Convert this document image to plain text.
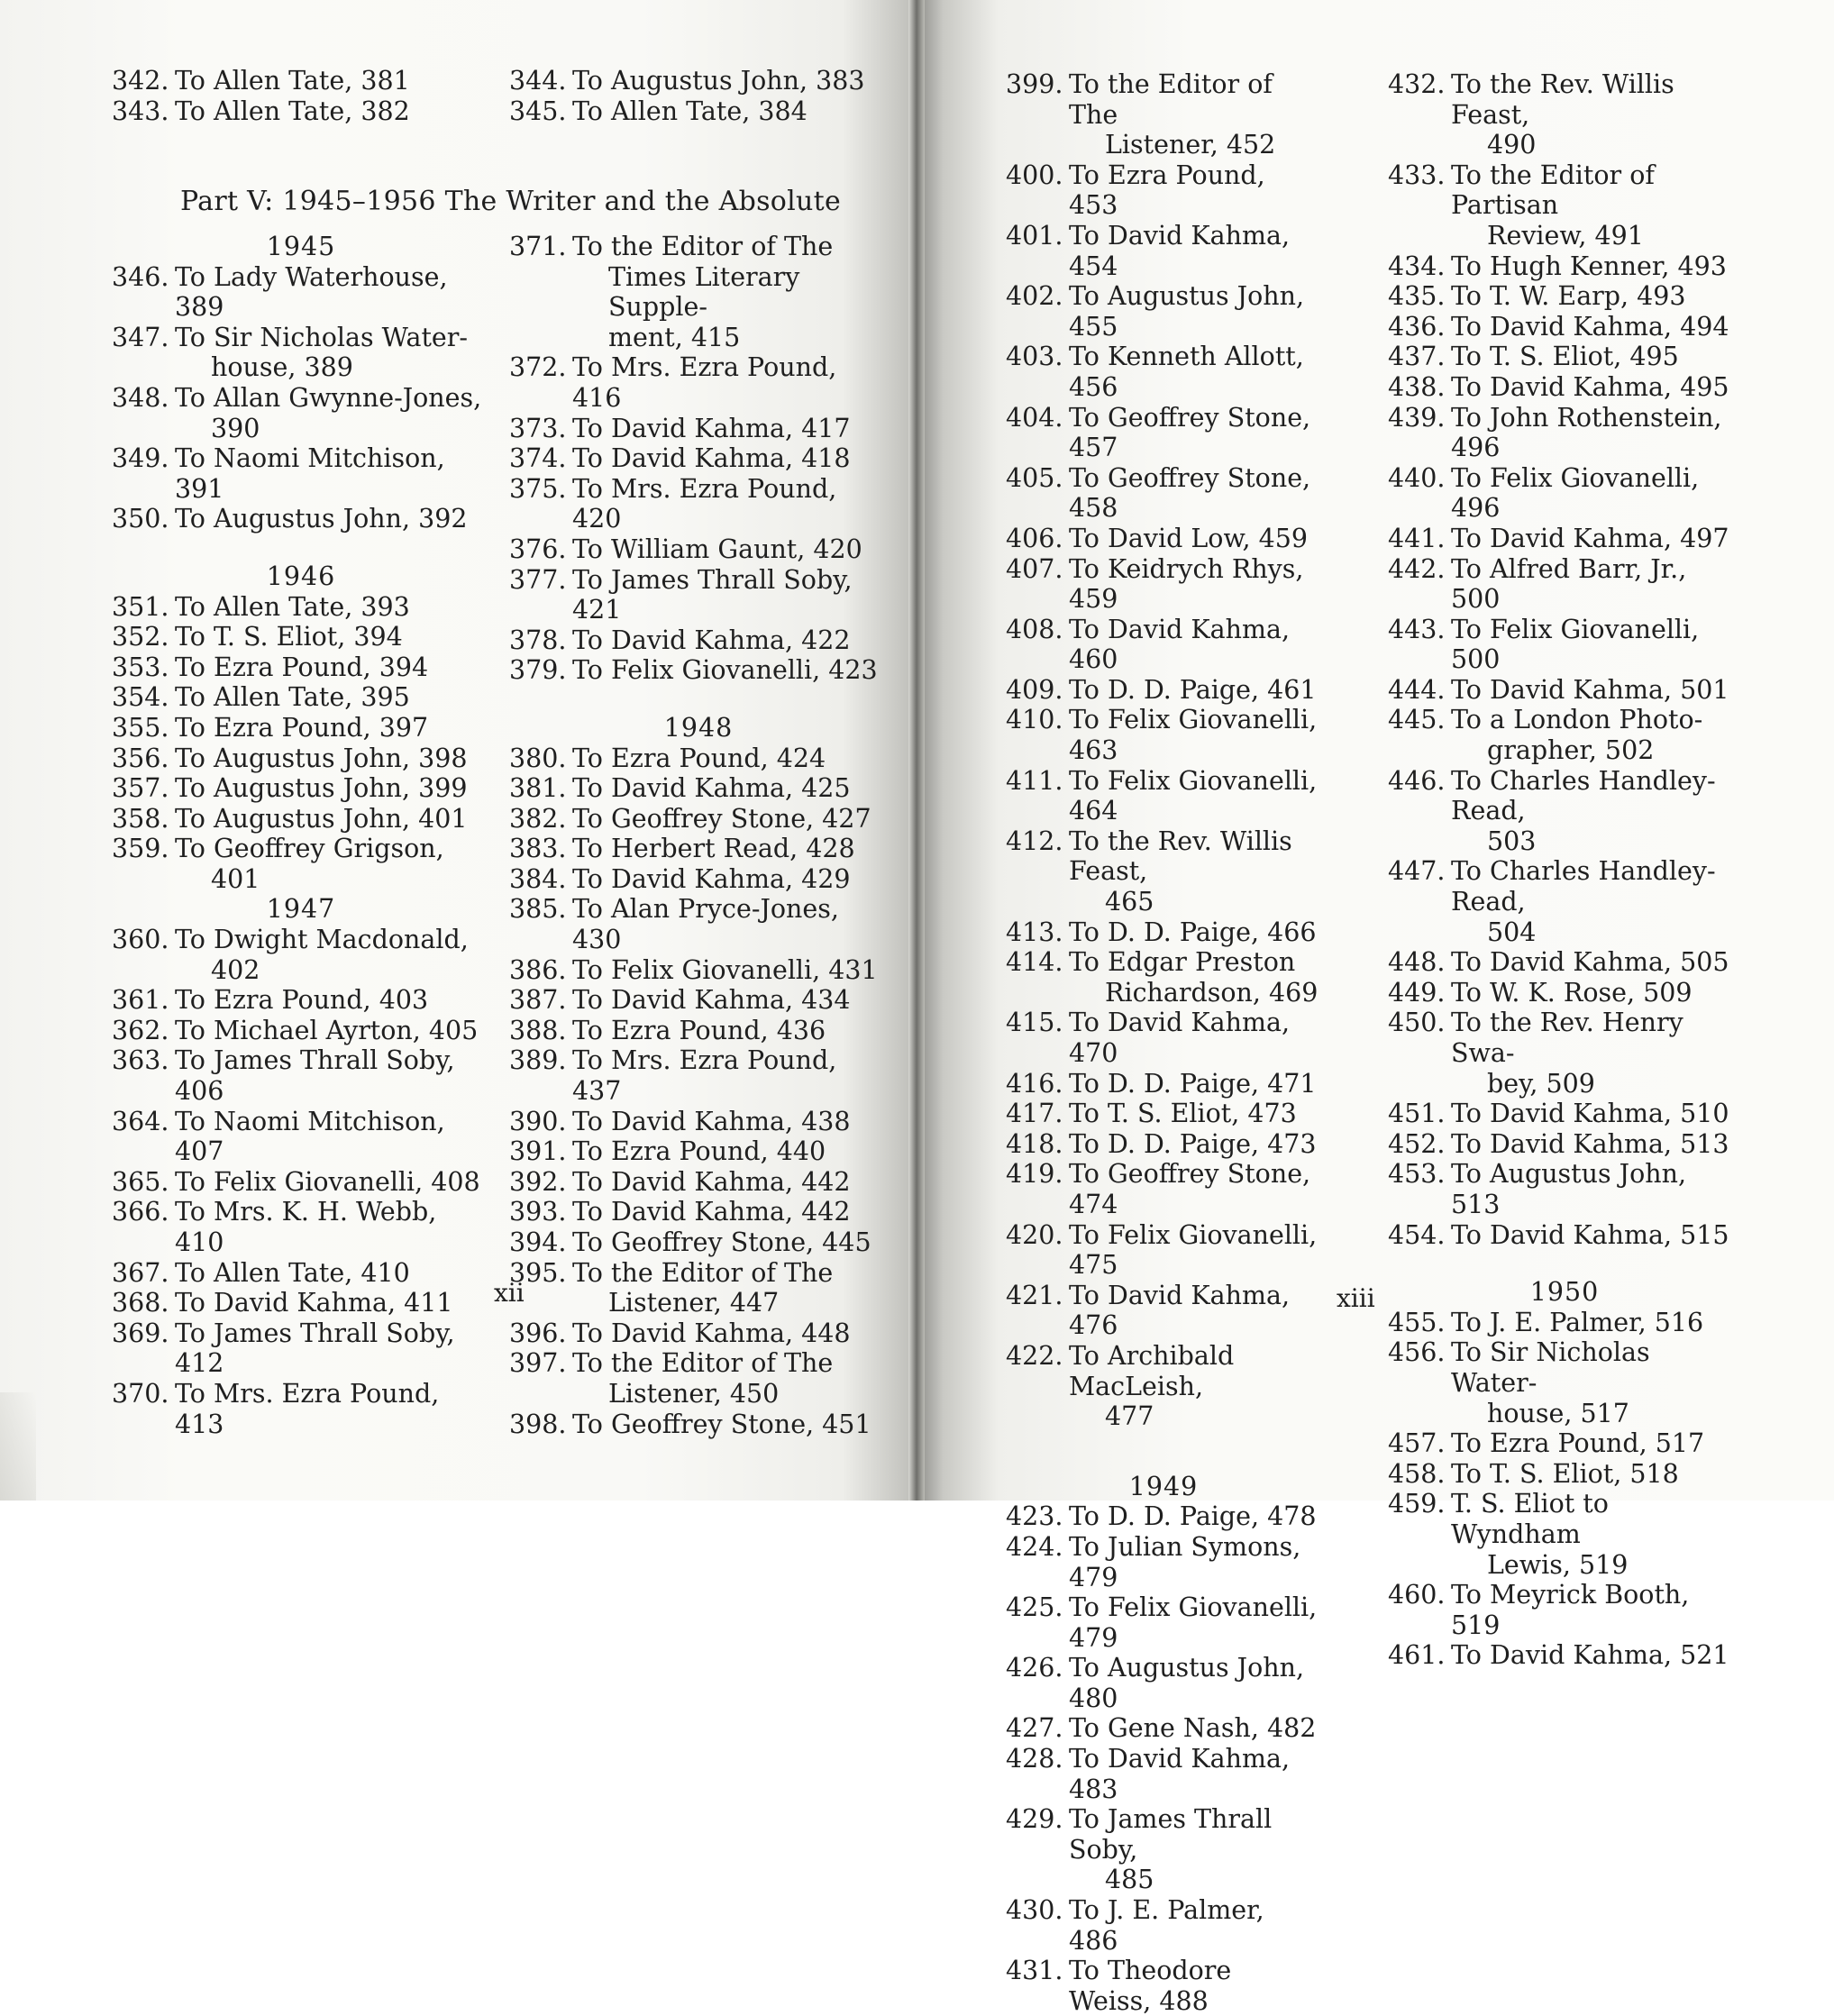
342. To Allen Tate, 381
343. To Allen Tate, 382
344. To Augustus John, 383
345. To Allen Tate, 384
Part V: 1945–1956 The Writer and the Absolute
1945
346. To Lady Waterhouse, 389
347. To Sir Nicholas Water-
house, 389
348. To Allan Gwynne-Jones,
390
349. To Naomi Mitchison, 391
350. To Augustus John, 392
1946
351. To Allen Tate, 393
352. To T. S. Eliot, 394
353. To Ezra Pound, 394
354. To Allen Tate, 395
355. To Ezra Pound, 397
356. To Augustus John, 398
357. To Augustus John, 399
358. To Augustus John, 401
359. To Geoffrey Grigson,
401
1947
360. To Dwight Macdonald,
402
361. To Ezra Pound, 403
362. To Michael Ayrton, 405
363. To James Thrall Soby, 406
364. To Naomi Mitchison, 407
365. To Felix Giovanelli, 408
366. To Mrs. K. H. Webb, 410
367. To Allen Tate, 410
368. To David Kahma, 411
369. To James Thrall Soby, 412
370. To Mrs. Ezra Pound, 413
371. To the Editor of The
Times Literary Supple-
ment, 415
372. To Mrs. Ezra Pound, 416
373. To David Kahma, 417
374. To David Kahma, 418
375. To Mrs. Ezra Pound, 420
376. To William Gaunt, 420
377. To James Thrall Soby, 421
378. To David Kahma, 422
379. To Felix Giovanelli, 423
1948
380. To Ezra Pound, 424
381. To David Kahma, 425
382. To Geoffrey Stone, 427
383. To Herbert Read, 428
384. To David Kahma, 429
385. To Alan Pryce-Jones, 430
386. To Felix Giovanelli, 431
387. To David Kahma, 434
388. To Ezra Pound, 436
389. To Mrs. Ezra Pound, 437
390. To David Kahma, 438
391. To Ezra Pound, 440
392. To David Kahma, 442
393. To David Kahma, 442
394. To Geoffrey Stone, 445
395. To the Editor of The
Listener, 447
396. To David Kahma, 448
397. To the Editor of The
Listener, 450
398. To Geoffrey Stone, 451
xii
399. To the Editor of The
Listener, 452
400. To Ezra Pound, 453
401. To David Kahma, 454
402. To Augustus John, 455
403. To Kenneth Allott, 456
404. To Geoffrey Stone, 457
405. To Geoffrey Stone, 458
406. To David Low, 459
407. To Keidrych Rhys, 459
408. To David Kahma, 460
409. To D. D. Paige, 461
410. To Felix Giovanelli, 463
411. To Felix Giovanelli, 464
412. To the Rev. Willis Feast,
465
413. To D. D. Paige, 466
414. To Edgar Preston
Richardson, 469
415. To David Kahma, 470
416. To D. D. Paige, 471
417. To T. S. Eliot, 473
418. To D. D. Paige, 473
419. To Geoffrey Stone, 474
420. To Felix Giovanelli, 475
421. To David Kahma, 476
422. To Archibald MacLeish,
477
1949
423. To D. D. Paige, 478
424. To Julian Symons, 479
425. To Felix Giovanelli, 479
426. To Augustus John, 480
427. To Gene Nash, 482
428. To David Kahma, 483
429. To James Thrall Soby,
485
430. To J. E. Palmer, 486
431. To Theodore Weiss, 488
432. To the Rev. Willis Feast,
490
433. To the Editor of Partisan
Review, 491
434. To Hugh Kenner, 493
435. To T. W. Earp, 493
436. To David Kahma, 494
437. To T. S. Eliot, 495
438. To David Kahma, 495
439. To John Rothenstein, 496
440. To Felix Giovanelli, 496
441. To David Kahma, 497
442. To Alfred Barr, Jr., 500
443. To Felix Giovanelli, 500
444. To David Kahma, 501
445. To a London Photo-
grapher, 502
446. To Charles Handley-Read,
503
447. To Charles Handley-Read,
504
448. To David Kahma, 505
449. To W. K. Rose, 509
450. To the Rev. Henry Swa-
bey, 509
451. To David Kahma, 510
452. To David Kahma, 513
453. To Augustus John, 513
454. To David Kahma, 515
1950
455. To J. E. Palmer, 516
456. To Sir Nicholas Water-
house, 517
457. To Ezra Pound, 517
458. To T. S. Eliot, 518
459. T. S. Eliot to Wyndham
Lewis, 519
460. To Meyrick Booth, 519
461. To David Kahma, 521
xiii
